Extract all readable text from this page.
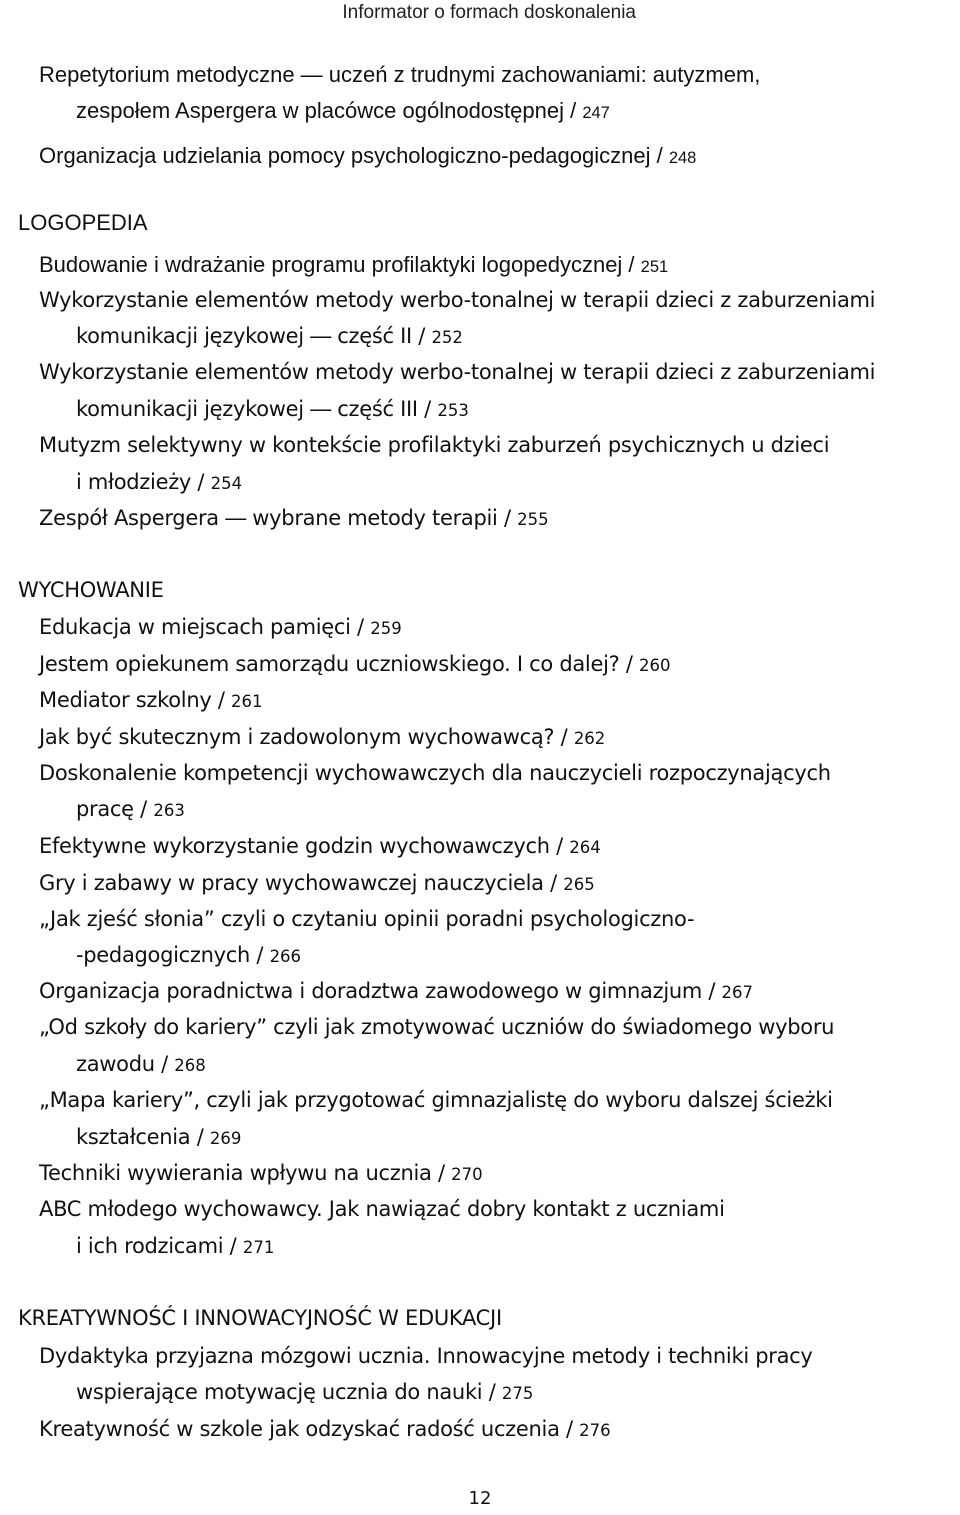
Informator o formach doskonalenia
Repetytorium metodyczne ― uczeń z trudnymi zachowaniami: autyzmem,
zespołem Aspergera w placówce ogólnodostępnej / 247
Organizacja udzielania pomocy psychologiczno-pedagogicznej / 248
LOGOPEDIA
Budowanie i wdrażanie programu profilaktyki logopedycznej / 251
Wykorzystanie elementów metody werbo-tonalnej w terapii dzieci z zaburzeniami
komunikacji językowej ― część II / 252
Wykorzystanie elementów metody werbo-tonalnej w terapii dzieci z zaburzeniami
komunikacji językowej ― część III / 253
Mutyzm selektywny w kontekście profilaktyki zaburzeń psychicznych u dzieci
i młodzieży / 254
Zespół Aspergera ― wybrane metody terapii / 255
WYCHOWANIE
Edukacja w miejscach pamięci / 259
Jestem opiekunem samorządu uczniowskiego. I co dalej? / 260
Mediator szkolny / 261
Jak być skutecznym i zadowolonym wychowawcą? / 262
Doskonalenie kompetencji wychowawczych dla nauczycieli rozpoczynających
pracę / 263
Efektywne wykorzystanie godzin wychowawczych / 264
Gry i zabawy w pracy wychowawczej nauczyciela / 265
„Jak zjeść słonia” czyli o czytaniu opinii poradni psychologiczno-
-pedagogicznych / 266
Organizacja poradnictwa i doradztwa zawodowego w gimnazjum / 267
„Od szkoły do kariery” czyli jak zmotywować uczniów do świadomego wyboru
zawodu / 268
„Mapa kariery”, czyli jak przygotować gimnazjalistę do wyboru dalszej ścieżki
kształcenia / 269
Techniki wywierania wpływu na ucznia / 270
ABC młodego wychowawcy. Jak nawiązać dobry kontakt z uczniami
i ich rodzicami / 271
KREATYWNOŚĆ I INNOWACYJNOŚĆ W EDUKACJI
Dydaktyka przyjazna mózgowi ucznia. Innowacyjne metody i techniki pracy
wspierające motywację ucznia do nauki / 275
Kreatywność w szkole jak odzyskać radość uczenia / 276
12
